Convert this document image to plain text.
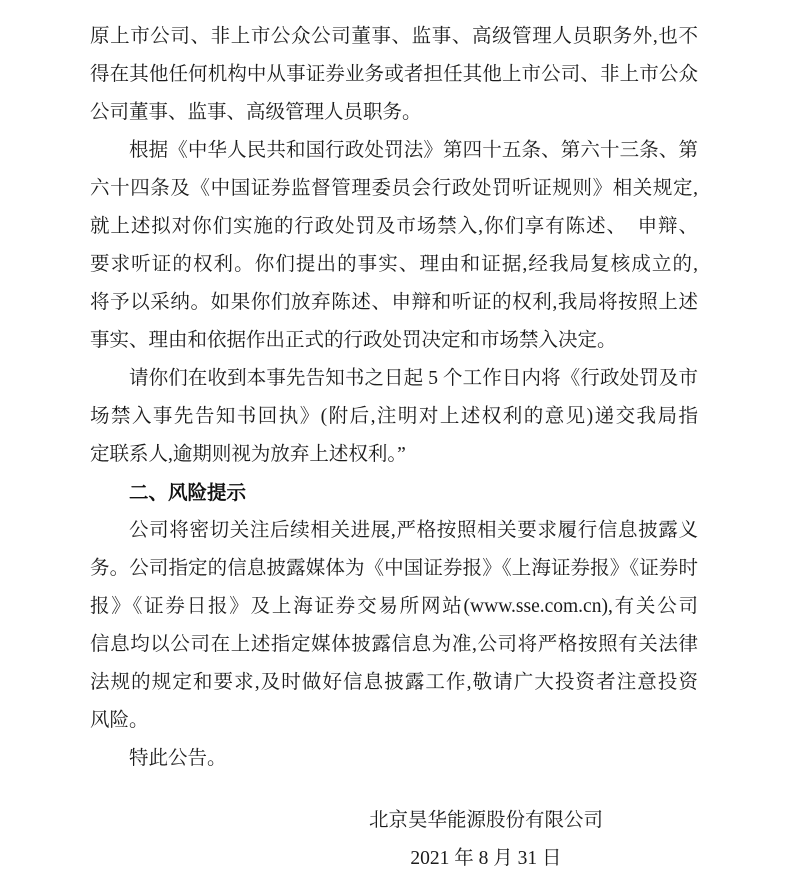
原上市公司、非上市公众公司董事、监事、高级管理人员职务外,也不
得在其他任何机构中从事证券业务或者担任其他上市公司、非上市公众
公司董事、监事、高级管理人员职务。
根据《中华人民共和国行政处罚法》第四十五条、第六十三条、第
六十四条及《中国证券监督管理委员会行政处罚听证规则》相关规定,
就上述拟对你们实施的行政处罚及市场禁入,你们享有陈述、　申辩、
要求听证的权利。你们提出的事实、理由和证据,经我局复核成立的,
将予以采纳。如果你们放弃陈述、申辩和听证的权利,我局将按照上述
事实、理由和依据作出正式的行政处罚决定和市场禁入决定。
请你们在收到本事先告知书之日起 5 个工作日内将《行政处罚及市
场禁入事先告知书回执》(附后,注明对上述权利的意见)递交我局指
定联系人,逾期则视为放弃上述权利。”
二、风险提示
公司将密切关注后续相关进展,严格按照相关要求履行信息披露义
务。公司指定的信息披露媒体为《中国证券报》《上海证券报》《证券时
报》《证券日报》及上海证券交易所网站(www.sse.com.cn),有关公司
信息均以公司在上述指定媒体披露信息为准,公司将严格按照有关法律
法规的规定和要求,及时做好信息披露工作,敬请广大投资者注意投资
风险。
特此公告。
北京昊华能源股份有限公司
2021 年 8 月 31 日
